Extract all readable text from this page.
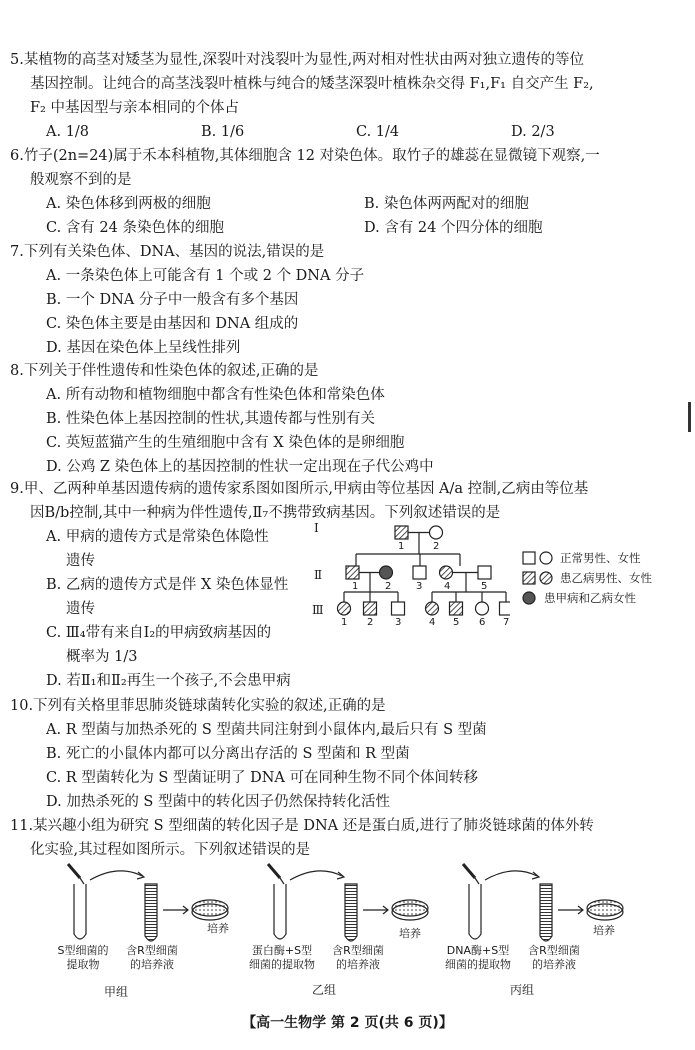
5.某植物的高茎对矮茎为显性,深裂叶对浅裂叶为显性,两对相对性状由两对独立遗传的等位

基因控制。让纯合的高茎浅裂叶植株与纯合的矮茎深裂叶植株杂交得 F₁,F₁ 自交产生 F₂,

F₂ 中基因型与亲本相同的个体占

A. 1/8	B. 1/6	C. 1/4	D. 2/3

6.竹子(2n=24)属于禾本科植物,其体细胞含 12 对染色体。取竹子的雄蕊在显微镜下观察,一

般观察不到的是

A. 染色体移到两极的细胞	B. 染色体两两配对的细胞
C. 含有 24 条染色体的细胞	D. 含有 24 个四分体的细胞

7.下列有关染色体、DNA、基因的说法,错误的是

A. 一条染色体上可能含有 1 个或 2 个 DNA 分子

B. 一个 DNA 分子中一般含有多个基因

C. 染色体主要是由基因和 DNA 组成的

D. 基因在染色体上呈线性排列

8.下列关于伴性遗传和性染色体的叙述,正确的是

A. 所有动物和植物细胞中都含有性染色体和常染色体

B. 性染色体上基因控制的性状,其遗传都与性别有关

C. 英短蓝猫产生的生殖细胞中含有 X 染色体的是卵细胞

D. 公鸡 Z 染色体上的基因控制的性状一定出现在子代公鸡中

9.甲、乙两种单基因遗传病的遗传家系图如图所示,甲病由等位基因 A/a 控制,乙病由等位基

因B/b控制,其中一种病为伴性遗传,Ⅱ₇不携带致病基因。下列叙述错误的是

A. 甲病的遗传方式是常染色体隐性

遗传

B. 乙病的遗传方式是伴 X 染色体显性

遗传

C. Ⅲ₄带有来自Ⅰ₂的甲病致病基因的

概率为 1/3

D. 若Ⅱ₁和Ⅱ₂再生一个孩子,不会患甲病

Ⅰ
Ⅱ
Ⅲ
1	2
1	2 3 4	5
1 2 3	4 5 6 7
正常男性、女性
患乙病男性、女性
患甲病和乙病女性

10.下列有关格里菲思肺炎链球菌转化实验的叙述,正确的是

A. R 型菌与加热杀死的 S 型菌共同注射到小鼠体内,最后只有 S 型菌

B. 死亡的小鼠体内都可以分离出存活的 S 型菌和 R 型菌

C. R 型菌转化为 S 型菌证明了 DNA 可在同种生物不同个体间转移

D. 加热杀死的 S 型菌中的转化因子仍然保持转化活性

11.某兴趣小组为研究 S 型细菌的转化因子是 DNA 还是蛋白质,进行了肺炎链球菌的体外转

化实验,其过程如图所示。下列叙述错误的是

S型细菌的
提取物
含R型细菌
的培养液
培养
甲组
蛋白酶+S型
细菌的提取物
含R型细菌
的培养液
培养
乙组
DNA酶+S型
细菌的提取物
含R型细菌
的培养液
培养
丙组
【高一生物学 第 2 页(共 6 页)】
